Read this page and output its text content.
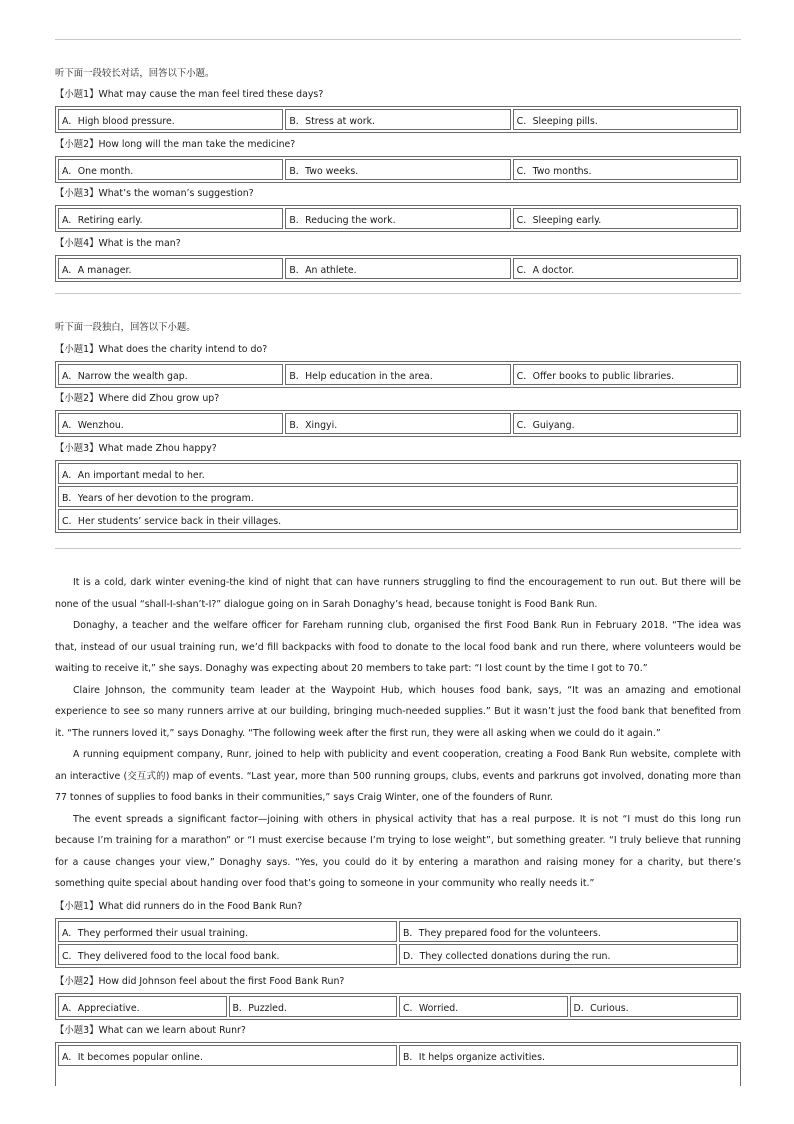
听下面一段较长对话，回答以下小题。
【小题1】What may cause the man feel tired these days?
A．High blood pressure.	B．Stress at work.	C．Sleeping pills.
【小题2】How long will the man take the medicine?
A．One month.	B．Two weeks.	C．Two months.
【小题3】What’s the woman’s suggestion?
A．Retiring early.	B．Reducing the work.	C．Sleeping early.
【小题4】What is the man?
A．A manager.	B．An athlete.	C．A doctor.
听下面一段独白，回答以下小题。
【小题1】What does the charity intend to do?
A．Narrow the wealth gap.	B．Help education in the area.	C．Offer books to public libraries.
【小题2】Where did Zhou grow up?
A．Wenzhou.	B．Xingyi.	C．Guiyang.
【小题3】What made Zhou happy?
A．An important medal to her.
B．Years of her devotion to the program.
C．Her students’ service back in their villages.

It is a cold, dark winter evening-the kind of night that can have runners struggling to find the encouragement to run out. But there will be none of the usual “shall-I-shan’t-I?” dialogue going on in Sarah Donaghy’s head, because tonight is Food Bank Run.

Donaghy, a teacher and the welfare officer for Fareham running club, organised the first Food Bank Run in February 2018. “The idea was that, instead of our usual training run, we’d fill backpacks with food to donate to the local food bank and run there, where volunteers would be waiting to receive it,” she says. Donaghy was expecting about 20 members to take part: “I lost count by the time I got to 70.”

Claire Johnson, the community team leader at the Waypoint Hub, which houses food bank, says, “It was an amazing and emotional experience to see so many runners arrive at our building, bringing much-needed supplies.” But it wasn’t just the food bank that benefited from it. “The runners loved it,” says Donaghy. “The following week after the first run, they were all asking when we could do it again.”

A running equipment company, Runr, joined to help with publicity and event cooperation, creating a Food Bank Run website, complete with an interactive (交互式的) map of events. “Last year, more than 500 running groups, clubs, events and parkruns got involved, donating more than 77 tonnes of supplies to food banks in their communities,” says Craig Winter, one of the founders of Runr.

The event spreads a significant factor—joining with others in physical activity that has a real purpose. It is not “I must do this long run because I’m training for a marathon” or “I must exercise because I’m trying to lose weight”, but something greater. “I truly believe that running for a cause changes your view,” Donaghy says. “Yes, you could do it by entering a marathon and raising money for a charity, but there’s something quite special about handing over food that’s going to someone in your community who really needs it.”

【小题1】What did runners do in the Food Bank Run?
A．They performed their usual training.	B．They prepared food for the volunteers.
C．They delivered food to the local food bank.	D．They collected donations during the run.
【小题2】How did Johnson feel about the first Food Bank Run?
A．Appreciative.	B．Puzzled.	C．Worried.	D．Curious.
【小题3】What can we learn about Runr?
A．It becomes popular online.	B．It helps organize activities.
